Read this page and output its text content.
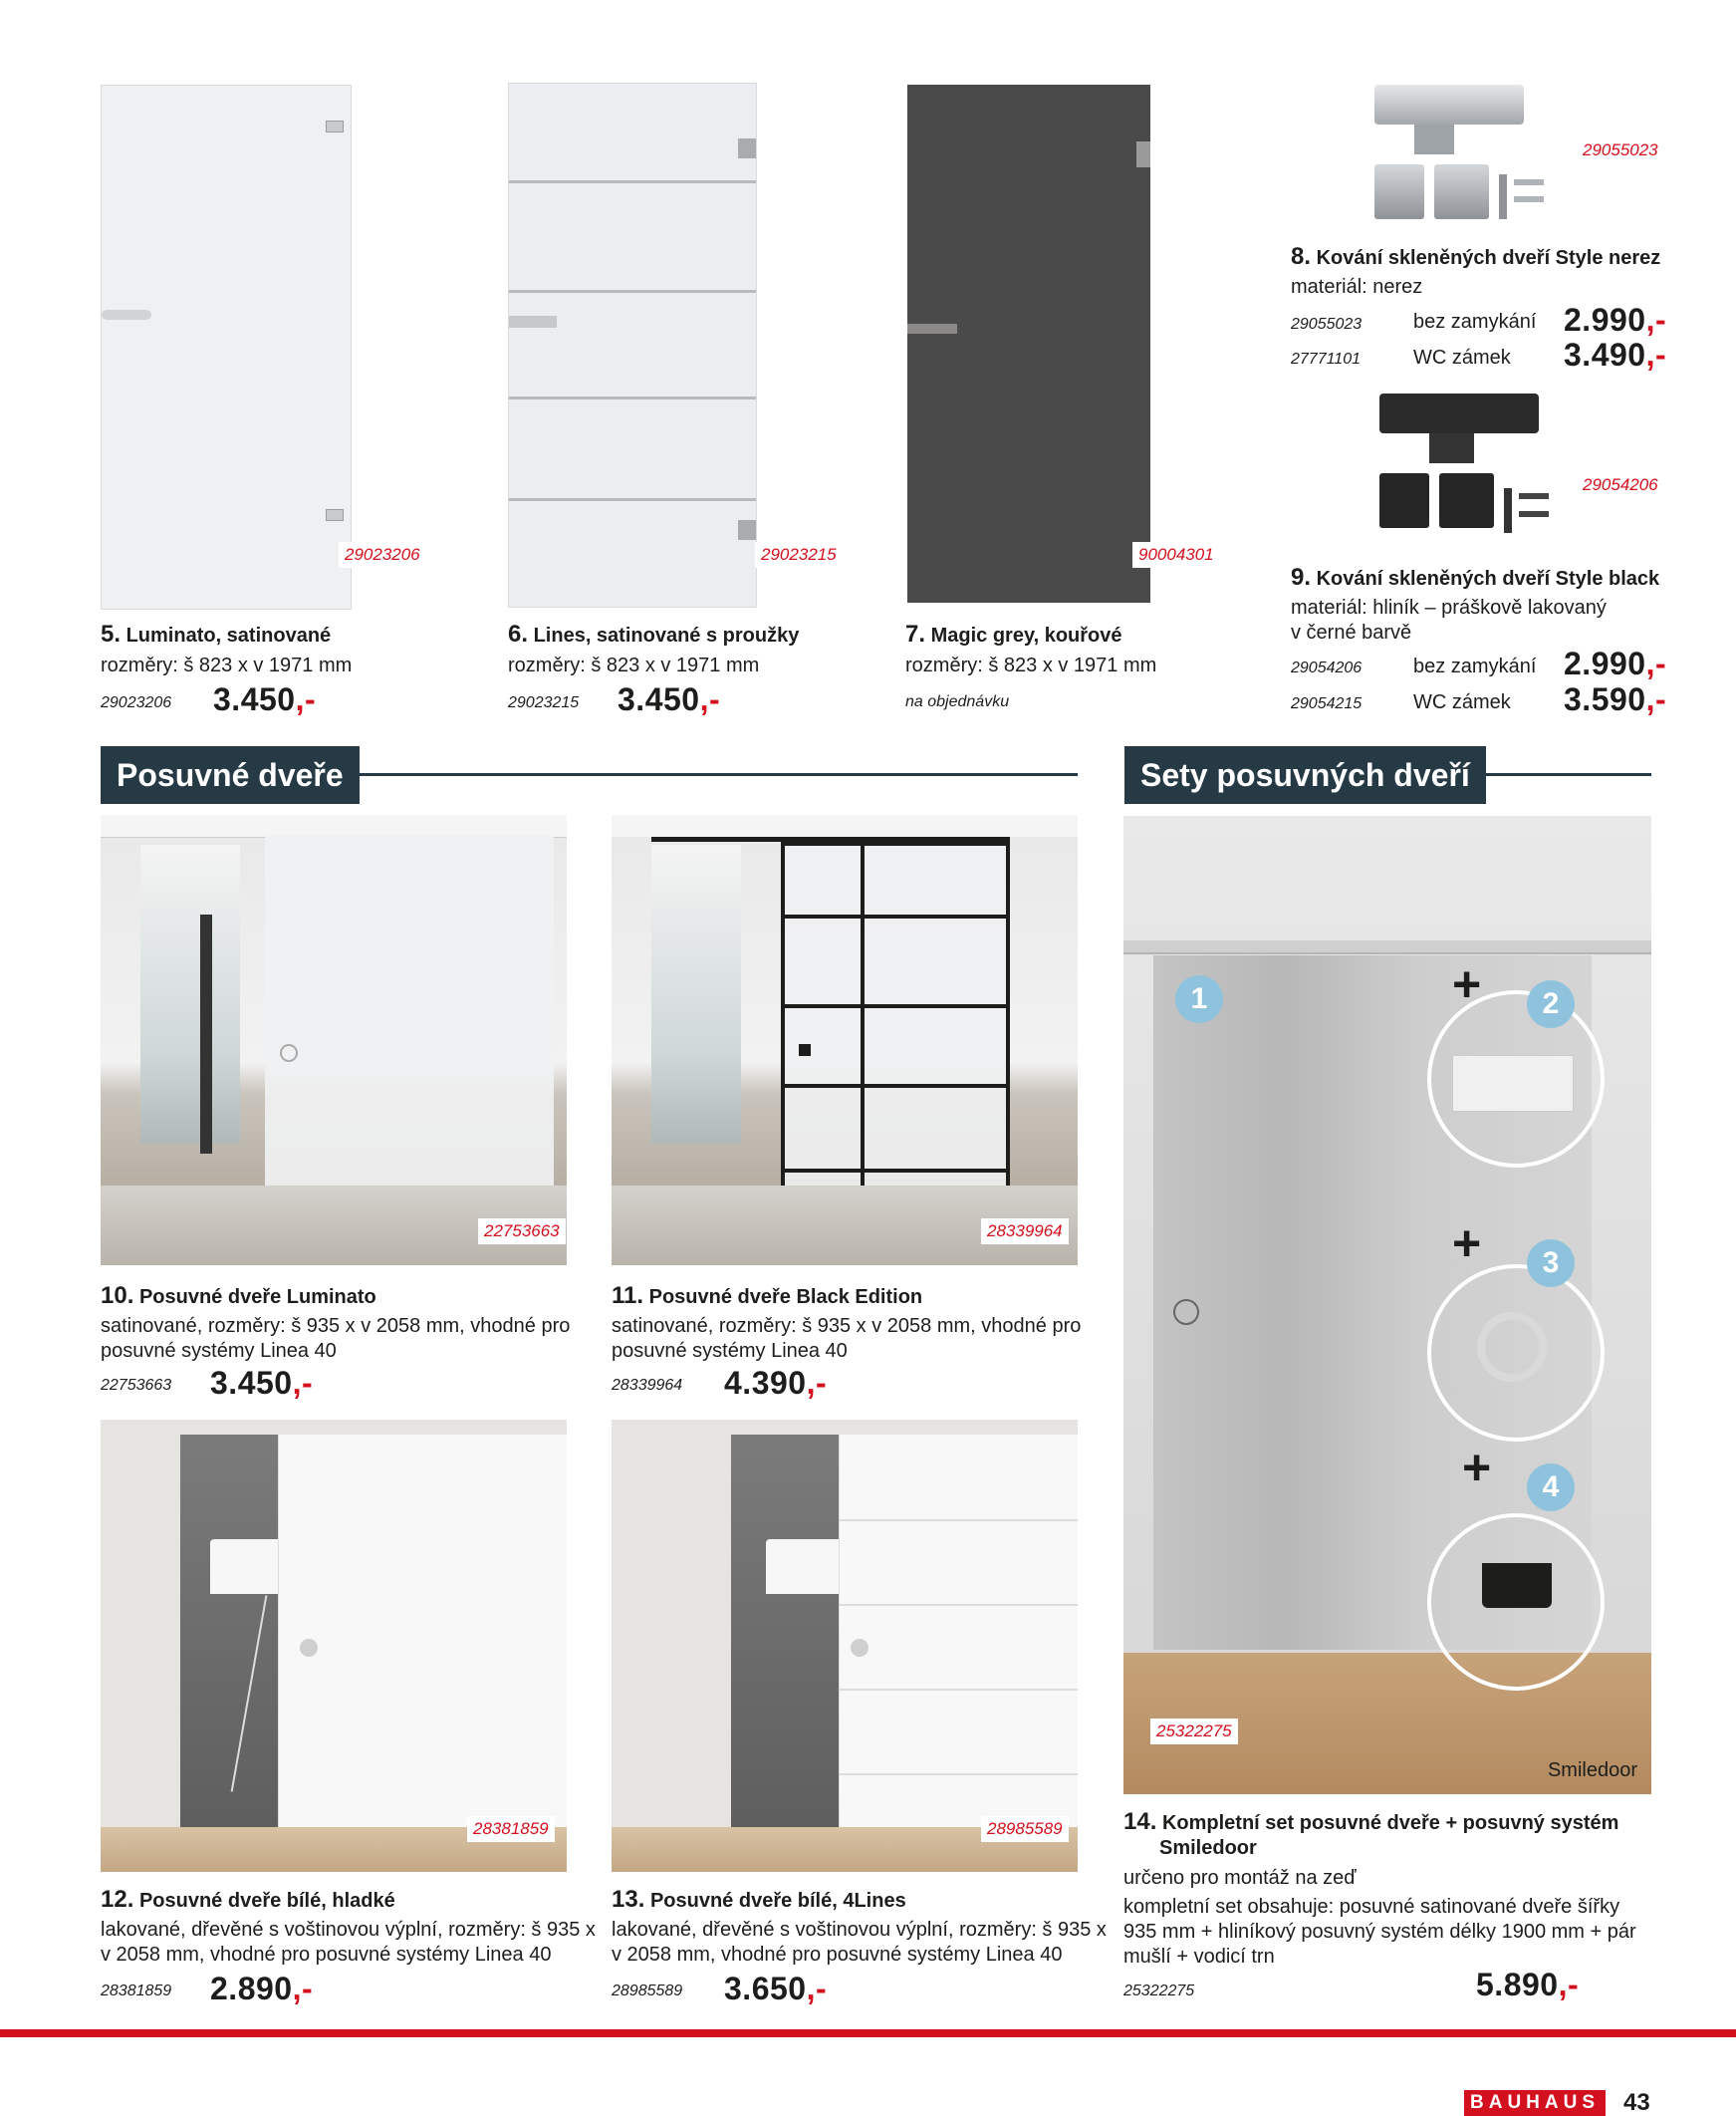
29023206	29023215	90004301
29055023
8. Kování skleněných dveří Style nerez
materiál: nerez
29055023	bez zamykání 2.990,-
27771101	WC zámek 3.490,-
29054206
9. Kování skleněných dveří Style black
materiál: hliník – práškově lakovaný
v černé barvě
29054206	bez zamykání 2.990,-
29054215	WC zámek 3.590,-
5. Luminato, satinované
rozměry: š 823 x v 1971 mm
29023206 3.450,-
6. Lines, satinované s proužky
rozměry: š 823 x v 1971 mm
29023215 3.450,-
7. Magic grey, kouřové
rozměry: š 823 x v 1971 mm
na objednávku
Posuvné dveře	Sety posuvných dveří
22753663	28339964
10. Posuvné dveře Luminato
satinované, rozměry: š 935 x v 2058 mm, vhodné pro
posuvné systémy Linea 40
22753663 3.450,-
11. Posuvné dveře Black Edition
satinované, rozměry: š 935 x v 2058 mm, vhodné pro
posuvné systémy Linea 40
28339964 4.390,-
28381859	28985589
12. Posuvné dveře bílé, hladké
lakované, dřevěné s voštinovou výplní, rozměry: š 935 x
v 2058 mm, vhodné pro posuvné systémy Linea 40
28381859 2.890,-
13. Posuvné dveře bílé, 4Lines
lakované, dřevěné s voštinovou výplní, rozměry: š 935 x
v 2058 mm, vhodné pro posuvné systémy Linea 40
28985589 3.650,-
1	+	2
+	3
+	4
Smiledoor
25322275
14. Kompletní set posuvné dveře + posuvný systém
Smiledoor
určeno pro montáž na zeď
kompletní set obsahuje: posuvné satinované dveře šířky
935 mm + hliníkový posuvný systém délky 1900 mm + pár
mušlí + vodicí trn
25322275	5.890,-
BAUHAUS 43
